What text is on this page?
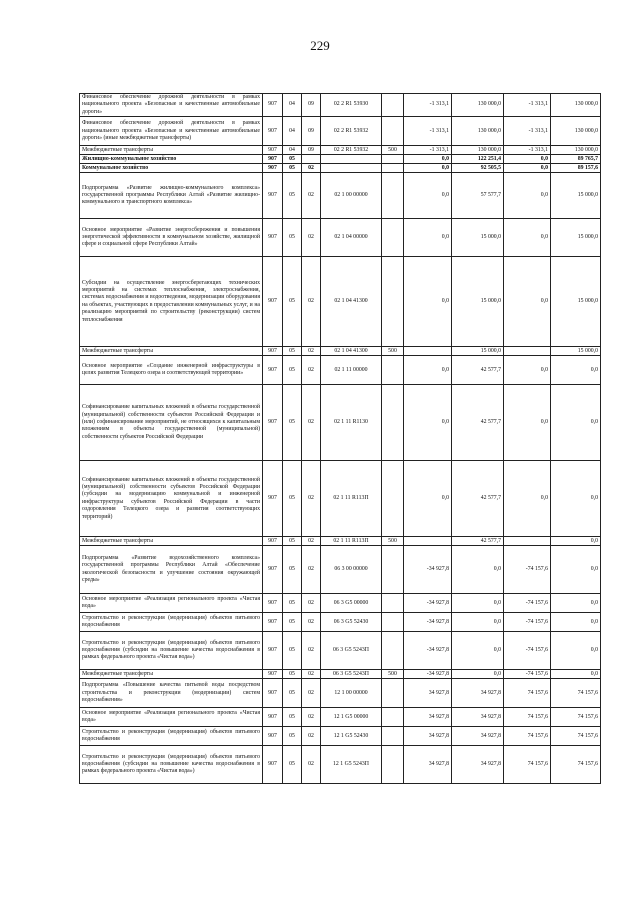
229
Финансовое обеспечение дорожной деятельности в рамках национального проекта «Безопасные и качественные автомобильные дороги»	907	04	09	02 2 R1 53930		-1 313,1	130 000,0	-1 313,1	130 000,0
Финансовое обеспечение дорожной деятельности в рамках национального проекта «Безопасные и качественные автомобильные дороги» (иные межбюджетные трансферты)	907	04	09	02 2 R1 53932		-1 313,1	130 000,0	-1 313,1	130 000,0
Межбюджетные трансферты	907	04	09	02 2 R1 53932	500	-1 313,1	130 000,0	-1 313,1	130 000,0
Жилищно-коммунальное хозяйство	907	05				0,0	122 251,4	0,0	89 765,7
Коммунальное хозяйство	907	05	02			0,0	92 505,5	0,0	89 157,6
Подпрограмма «Развитие жилищно-коммунального комплекса» государственной программы Республики Алтай «Развитие жилищно-коммунального и транспортного комплекса»	907	05	02	02 1 00 00000		0,0	57 577,7	0,0	15 000,0
Основное мероприятие «Развитие энергосбережения и повышения энергетической эффективности в коммунальном хозяйстве, жилищной сфере и социальной сфере Республики Алтай»	907	05	02	02 1 04 00000		0,0	15 000,0	0,0	15 000,0
Субсидии на осуществление энергосберегающих технических мероприятий на системах теплоснабжения, электроснабжения, системах водоснабжения и водоотведения, модернизации оборудования на объектах, участвующих в предоставлении коммунальных услуг, и на реализацию мероприятий по строительству (реконструкции) систем теплоснабжения	907	05	02	02 1 04 41300		0,0	15 000,0	0,0	15 000,0
Межбюджетные трансферты	907	05	02	02 1 04 41300	500		15 000,0		15 000,0
Основное мероприятие «Создание инженерной инфраструктуры в целях развития Телецкого озера и соответствующей территории»	907	05	02	02 1 11 00000		0,0	42 577,7	0,0	0,0
Софинансирование капитальных вложений в объекты государственной (муниципальной) собственности субъектов Российской Федерации и (или) софинансирование мероприятий, не относящихся к капитальным вложениям в объекты государственной (муниципальной) собственности субъектов Российской Федерации	907	05	02	02 1 11 R1130		0,0	42 577,7	0,0	0,0
Софинансирование капитальных вложений в объекты государственной (муниципальной) собственности субъектов Российской Федерации (субсидии на модернизацию коммунальной и инженерной инфраструктуры субъектов Российской Федерации в части оздоровления Телецкого озера и развития соответствующих территорий)	907	05	02	02 1 11 R113П		0,0	42 577,7	0,0	0,0
Межбюджетные трансферты	907	05	02	02 1 11 R113П	500		42 577,7		0,0
Подпрограмма «Развитие водохозяйственного комплекса» государственной программы Республики Алтай «Обеспечение экологической безопасности и улучшение состояния окружающей среды»	907	05	02	06 3 00 00000		-34 927,8	0,0	-74 157,6	0,0
Основное мероприятие «Реализация регионального проекта «Чистая вода»	907	05	02	06 3 G5 00000		-34 927,8	0,0	-74 157,6	0,0
Строительство и реконструкция (модернизация) объектов питьевого водоснабжения	907	05	02	06 3 G5 52430		-34 927,8	0,0	-74 157,6	0,0
Строительство и реконструкция (модернизация) объектов питьевого водоснабжения (субсидии на повышение качества водоснабжения в рамках федерального проекта «Чистая вода»)	907	05	02	06 3 G5 5243П		-34 927,8	0,0	-74 157,6	0,0
Межбюджетные трансферты	907	05	02	06 3 G5 5243П	500	-34 927,8	0,0	-74 157,6	0,0
Подпрограмма «Повышение качества питьевой воды посредством строительства и реконструкции (модернизации) систем водоснабжения»	907	05	02	12 1 00 00000		34 927,8	34 927,8	74 157,6	74 157,6
Основное мероприятие «Реализация регионального проекта «Чистая вода»	907	05	02	12 1 G5 00000		34 927,8	34 927,8	74 157,6	74 157,6
Строительство и реконструкция (модернизация) объектов питьевого водоснабжения	907	05	02	12 1 G5 52430		34 927,8	34 927,8	74 157,6	74 157,6
Строительство и реконструкция (модернизация) объектов питьевого водоснабжения (субсидии на повышение качества водоснабжения в рамках федерального проекта «Чистая вода»)	907	05	02	12 1 G5 5243П		34 927,8	34 927,8	74 157,6	74 157,6
